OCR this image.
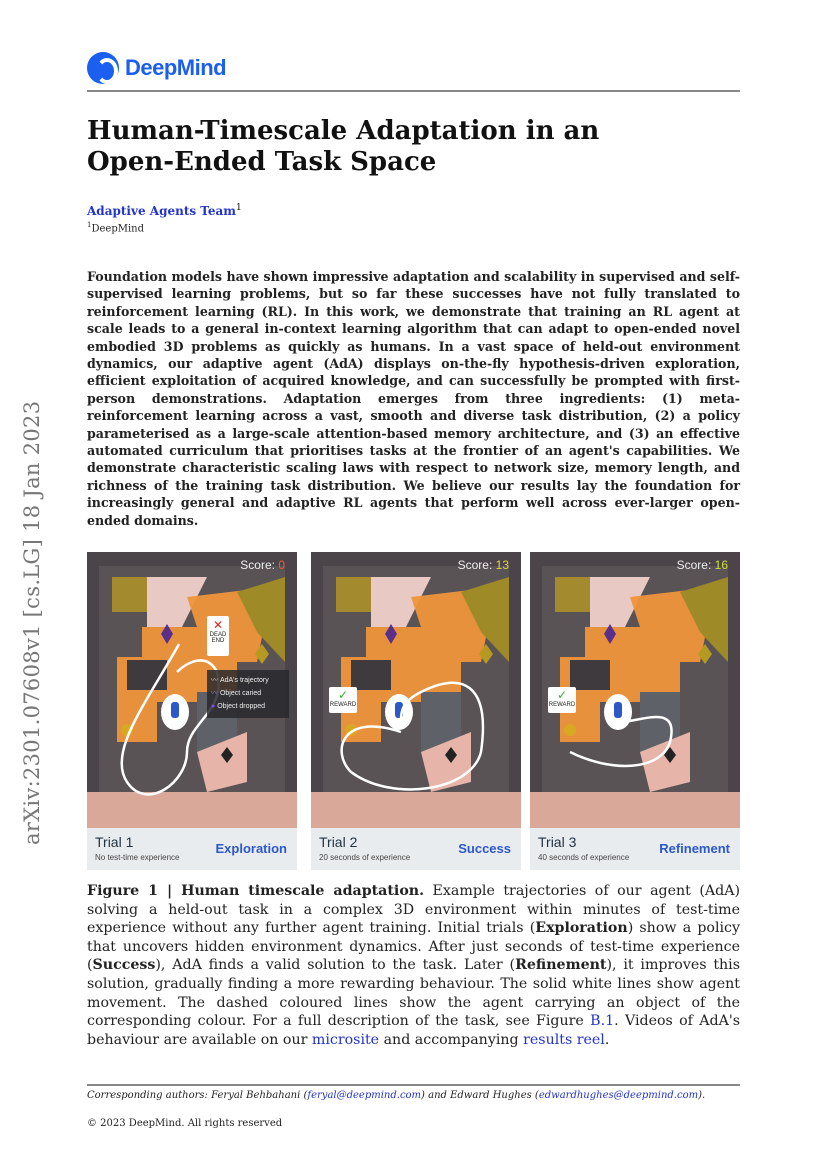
DeepMind
Human-Timescale Adaptation in an Open-Ended Task Space
Adaptive Agents Team$^1$
$^1$DeepMind

Foundation models have shown impressive adaptation and scalability in supervised and self-supervised learning problems, but so far these successes have not fully translated to reinforcement learning (RL). In this work, we demonstrate that training an RL agent at scale leads to a general in-context learning algorithm that can adapt to open-ended novel embodied 3D problems as quickly as humans. In a vast space of held-out environment dynamics, our adaptive agent (AdA) displays on-the-fly hypothesis-driven exploration, efficient exploitation of acquired knowledge, and can successfully be prompted with first-person demonstrations. Adaptation emerges from three ingredients: (1) meta-reinforcement learning across a vast, smooth and diverse task distribution, (2) a policy parameterised as a large-scale attention-based memory architecture, and (3) an effective automated curriculum that prioritises tasks at the frontier of an agent's capabilities. We demonstrate characteristic scaling laws with respect to network size, memory length, and richness of the training task distribution. We believe our results lay the foundation for increasingly general and adaptive RL agents that perform well across ever-larger open-ended domains.

arXiv:2301.07608v1 [cs.LG] 18 Jan 2023	Score: 0
✕
DEAD END
〰 AdA's trajectory
〰 Object caried
● Object dropped
Trial 1
No test-time experience
Exploration
Score: 13
✓
REWARD
Trial 2
20 seconds of experience
Success
Score: 16
✓
REWARD
Trial 3
40 seconds of experience
Refinement

Figure 1 | Human timescale adaptation. Example trajectories of our agent (AdA) solving a held-out task in a complex 3D environment within minutes of test-time experience without any further agent training. Initial trials (Exploration) show a policy that uncovers hidden environment dynamics. After just seconds of test-time experience (Success), AdA finds a valid solution to the task. Later (Refinement), it improves this solution, gradually finding a more rewarding behaviour. The solid white lines show agent movement. The dashed coloured lines show the agent carrying an object of the corresponding colour. For a full description of the task, see Figure B.1. Videos of AdA's behaviour are available on our microsite and accompanying results reel.

Corresponding authors: Feryal Behbahani (feryal@deepmind.com) and Edward Hughes (edwardhughes@deepmind.com).
© 2023 DeepMind. All rights reserved
